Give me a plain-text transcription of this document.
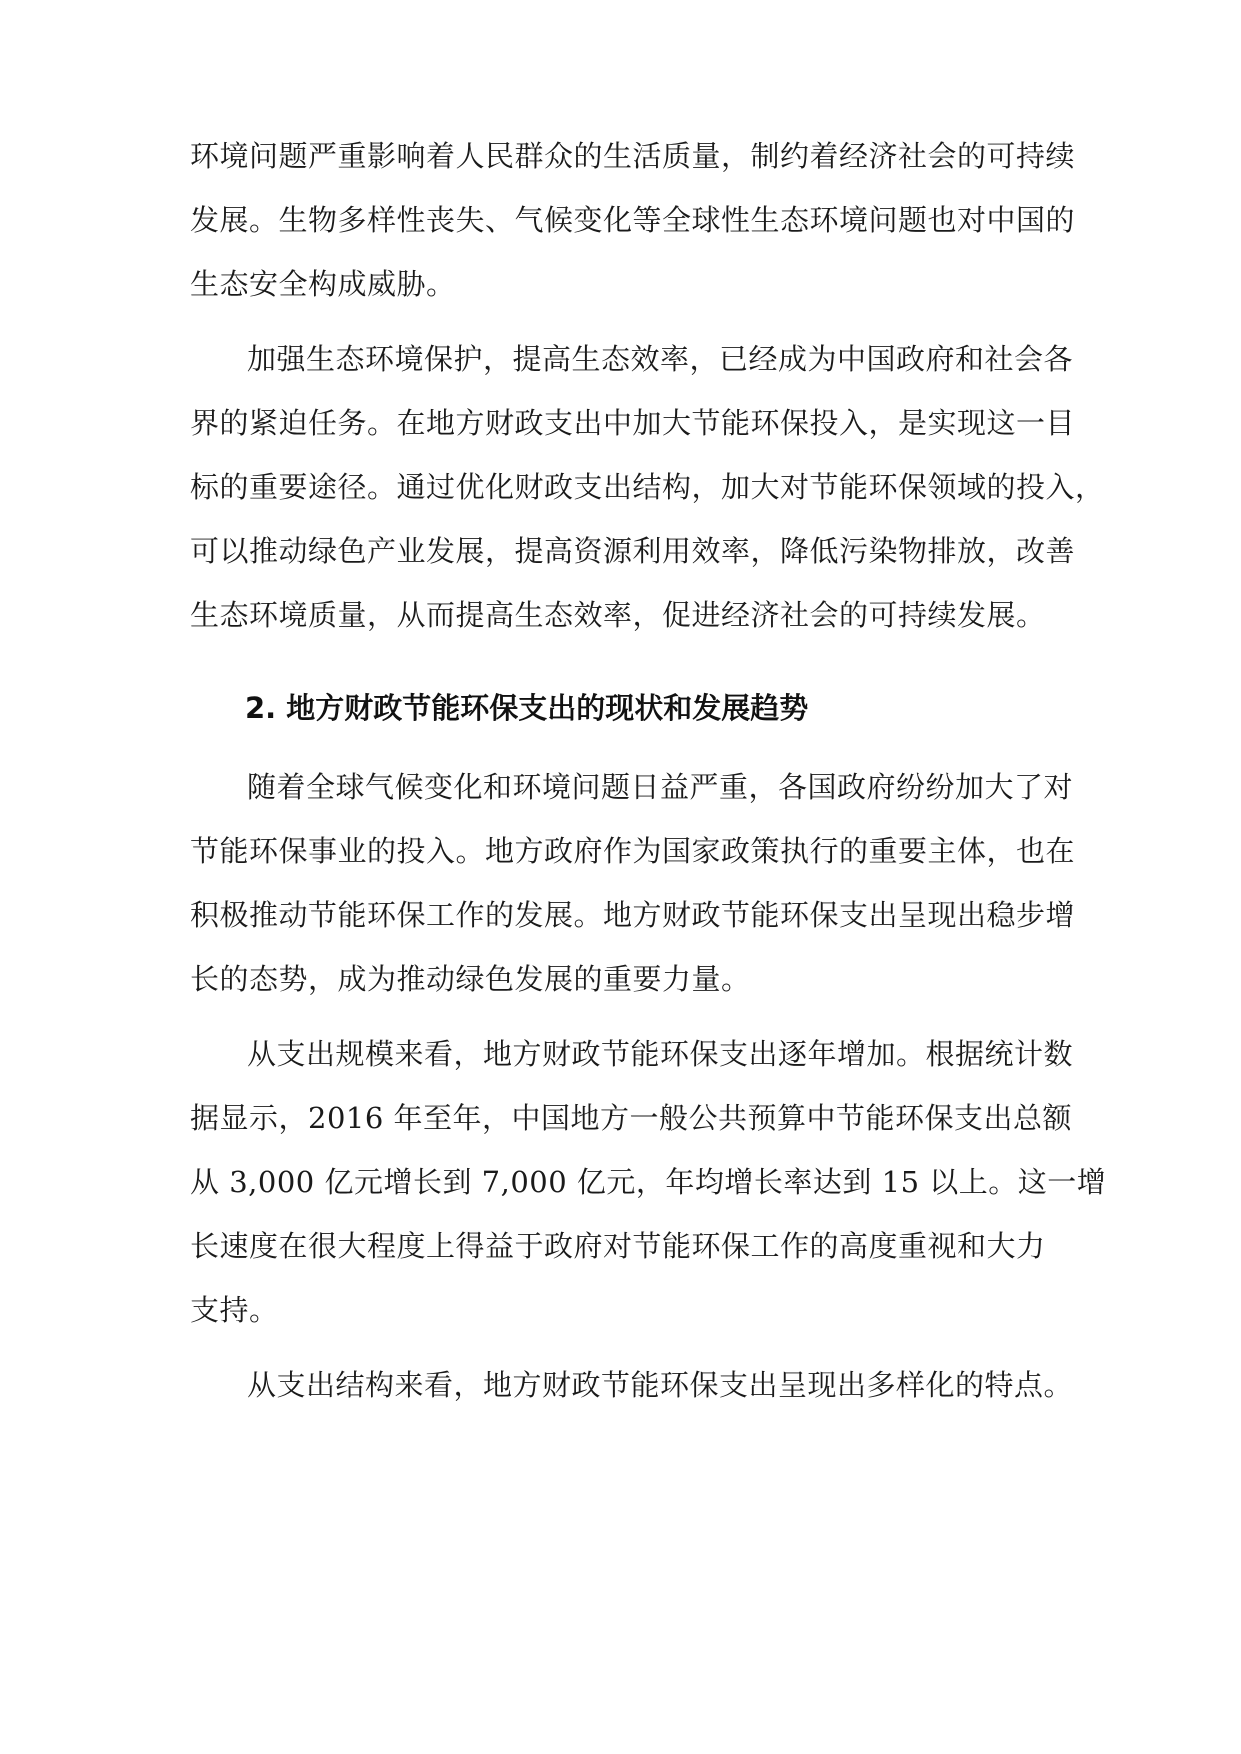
环境问题严重影响着人民群众的生活质量，制约着经济社会的可持续
发展。生物多样性丧失、气候变化等全球性生态环境问题也对中国的
生态安全构成威胁。
加强生态环境保护，提高生态效率，已经成为中国政府和社会各
界的紧迫任务。在地方财政支出中加大节能环保投入，是实现这一目
标的重要途径。通过优化财政支出结构，加大对节能环保领域的投入，
可以推动绿色产业发展，提高资源利用效率，降低污染物排放，改善
生态环境质量，从而提高生态效率，促进经济社会的可持续发展。
2. 地方财政节能环保支出的现状和发展趋势
随着全球气候变化和环境问题日益严重，各国政府纷纷加大了对
节能环保事业的投入。地方政府作为国家政策执行的重要主体，也在
积极推动节能环保工作的发展。地方财政节能环保支出呈现出稳步增
长的态势，成为推动绿色发展的重要力量。
从支出规模来看，地方财政节能环保支出逐年增加。根据统计数
据显示，2016 年至年，中国地方一般公共预算中节能环保支出总额
从 3,000 亿元增长到 7,000 亿元，年均增长率达到 15 以上。这一增
长速度在很大程度上得益于政府对节能环保工作的高度重视和大力
支持。
从支出结构来看，地方财政节能环保支出呈现出多样化的特点。
